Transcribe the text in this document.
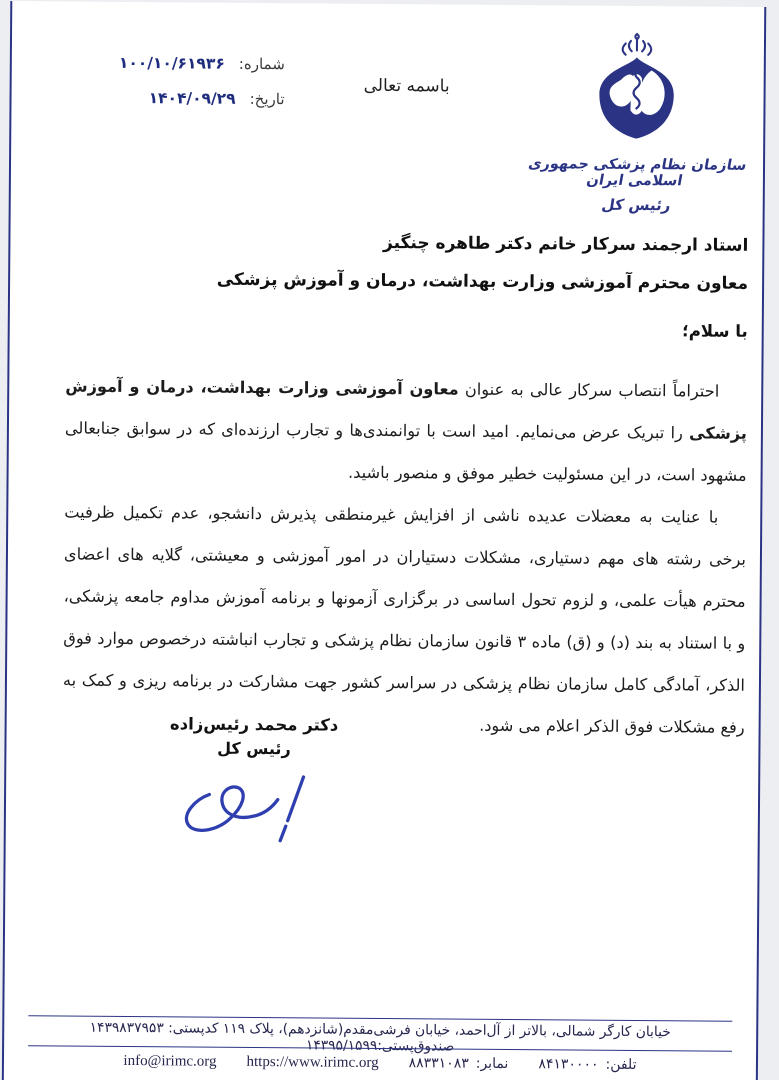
شماره:
۱۰۰/۱۰/۶۱۹۳۶
تاریخ:
۱۴۰۴/۰۹/۲۹
باسمه تعالی
سازمان نظام پزشکی جمهوری اسلامی ایران
رئیس کل
استاد ارجمند سرکار خانم دکتر طاهره چنگیز
معاون محترم آموزشی وزارت بهداشت، درمان و آموزش پزشکی
با سلام؛

احتراماً انتصاب سرکار عالی به عنوان معاون آموزشی وزارت بهداشت، درمان و آموزش پزشکی را تبریک عرض می‌نمایم. امید است با توانمندی‌ها و تجارب ارزنده‌ای که در سوابق جنابعالی مشهود است، در این مسئولیت خطیر موفق و منصور باشید.

با عنایت به معضلات عدیده ناشی از افزایش غیرمنطقی پذیرش دانشجو، عدم تکمیل ظرفیت برخی رشته های مهم دستیاری، مشکلات دستیاران در امور آموزشی و معیشتی، گلایه های اعضای محترم هیأت علمی، و لزوم تحول اساسی در برگزاری آزمونها و برنامه آموزش مداوم جامعه پزشکی، و با استناد به بند (د) و (ق) ماده ۳ قانون سازمان نظام پزشکی و تجارب انباشته درخصوص موارد فوق الذکر، آمادگی کامل سازمان نظام پزشکی در سراسر کشور جهت مشارکت در برنامه ریزی و کمک به رفع مشکلات فوق الذکر اعلام می شود.

دکتر محمد رئیس‌زاده
رئیس کل
خیابان کارگر شمالی، بالاتر از آل‌احمد، خیابان فرشی‌مقدم(شانزدهم)، پلاک ۱۱۹ کدپستی: ۱۴۳۹۸۳۷۹۵۳ صندوق‌پستی:۱۴۳۹۵/۱۵۹۹
تلفن:
۸۴۱۳۰۰۰۰
نمابر:
۸۸۳۳۱۰۸۳
https://www.irimc.org
info@irimc.org
